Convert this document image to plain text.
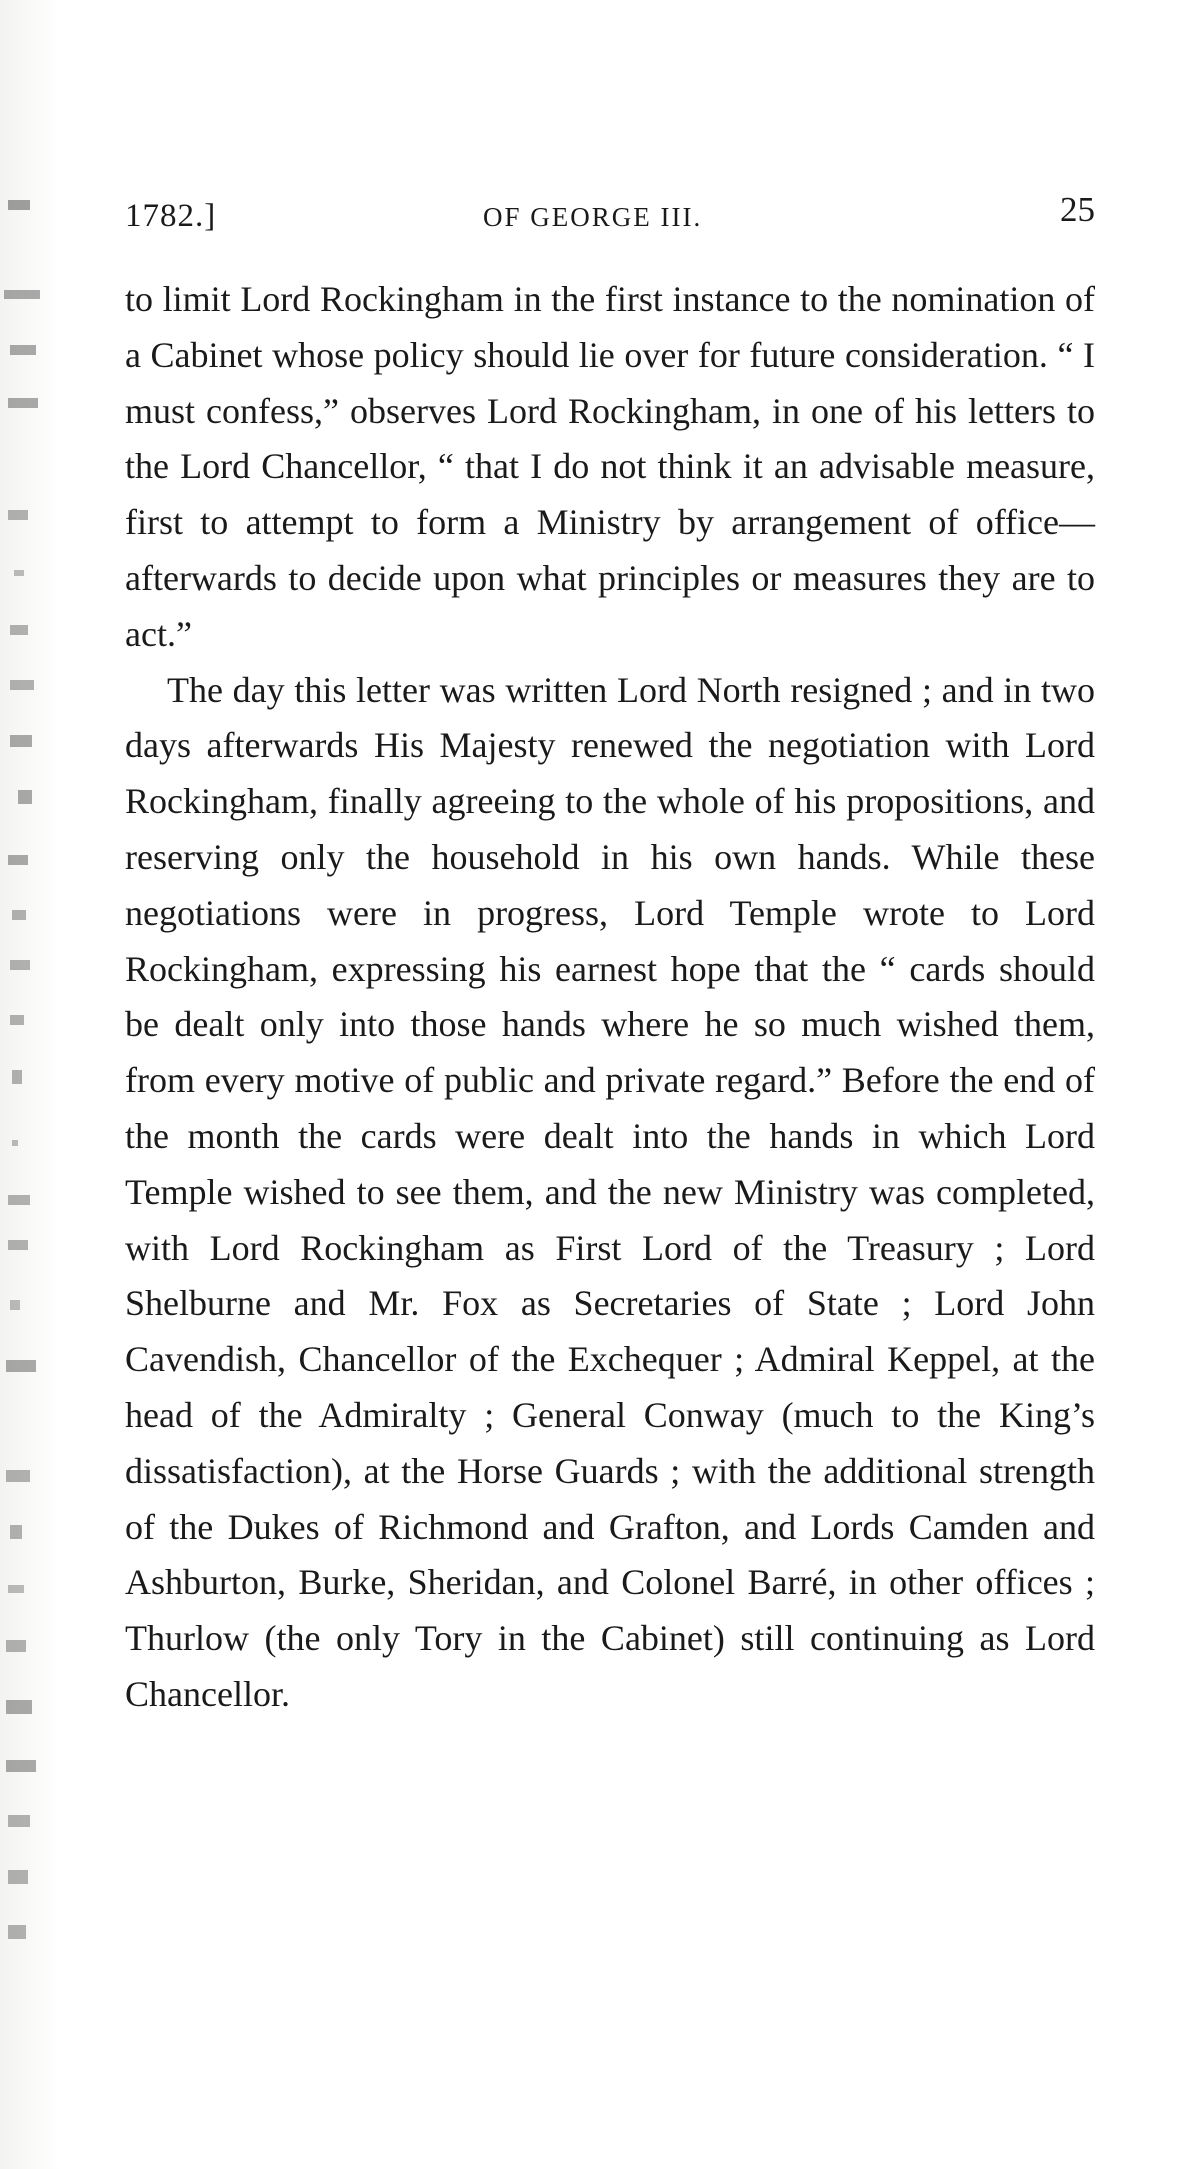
1782.]	OF GEORGE III.	25

to limit Lord Rockingham in the first instance to the nomination of a Cabinet whose policy should lie over for future consideration. “ I must confess,” observes Lord Rockingham, in one of his letters to the Lord Chancellor, “ that I do not think it an advisable measure, first to attempt to form a Ministry by arrangement of office— afterwards to decide upon what principles or measures they are to act.”

The day this letter was written Lord North resigned ; and in two days afterwards His Majesty renewed the negotiation with Lord Rockingham, finally agreeing to the whole of his propositions, and reserving only the household in his own hands. While these negotiations were in progress, Lord Temple wrote to Lord Rockingham, expressing his earnest hope that the “ cards should be dealt only into those hands where he so much wished them, from every motive of public and private regard.” Before the end of the month the cards were dealt into the hands in which Lord Temple wished to see them, and the new Ministry was completed, with Lord Rockingham as First Lord of the Treasury ; Lord Shelburne and Mr. Fox as Secretaries of State ; Lord John Cavendish, Chancellor of the Exchequer ; Admiral Keppel, at the head of the Admiralty ; General Conway (much to the King’s dissatisfaction), at the Horse Guards ; with the additional strength of the Dukes of Richmond and Grafton, and Lords Camden and Ashburton, Burke, Sheridan, and Colonel Barré, in other offices ; Thurlow (the only Tory in the Cabinet) still continuing as Lord Chancellor.
